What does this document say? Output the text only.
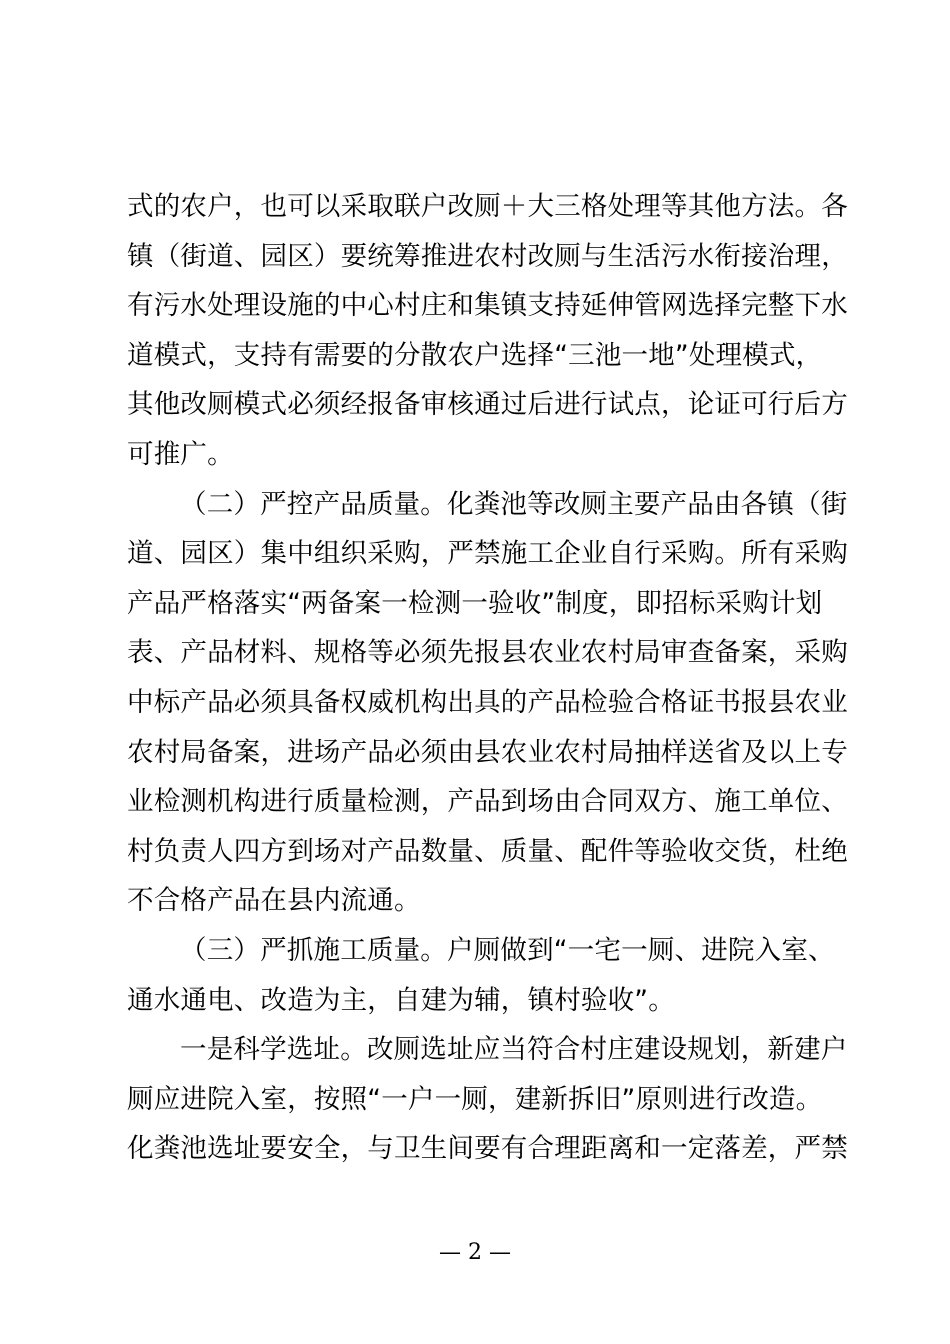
式的农户，也可以采取联户改厕＋大三格处理等其他方法。各
镇（街道、园区）要统筹推进农村改厕与生活污水衔接治理，
有污水处理设施的中心村庄和集镇支持延伸管网选择完整下水
道模式，支持有需要的分散农户选择“三池一地”处理模式，
其他改厕模式必须经报备审核通过后进行试点，论证可行后方
可推广。
（二）严控产品质量。化粪池等改厕主要产品由各镇（街
道、园区）集中组织采购，严禁施工企业自行采购。所有采购
产品严格落实“两备案一检测一验收”制度，即招标采购计划
表、产品材料、规格等必须先报县农业农村局审查备案，采购
中标产品必须具备权威机构出具的产品检验合格证书报县农业
农村局备案，进场产品必须由县农业农村局抽样送省及以上专
业检测机构进行质量检测，产品到场由合同双方、施工单位、
村负责人四方到场对产品数量、质量、配件等验收交货，杜绝
不合格产品在县内流通。
（三）严抓施工质量。户厕做到“一宅一厕、进院入室、
通水通电、改造为主，自建为辅，镇村验收”。
一是科学选址。改厕选址应当符合村庄建设规划，新建户
厕应进院入室，按照“一户一厕，建新拆旧”原则进行改造。
化粪池选址要安全，与卫生间要有合理距离和一定落差，严禁
— 2 —
